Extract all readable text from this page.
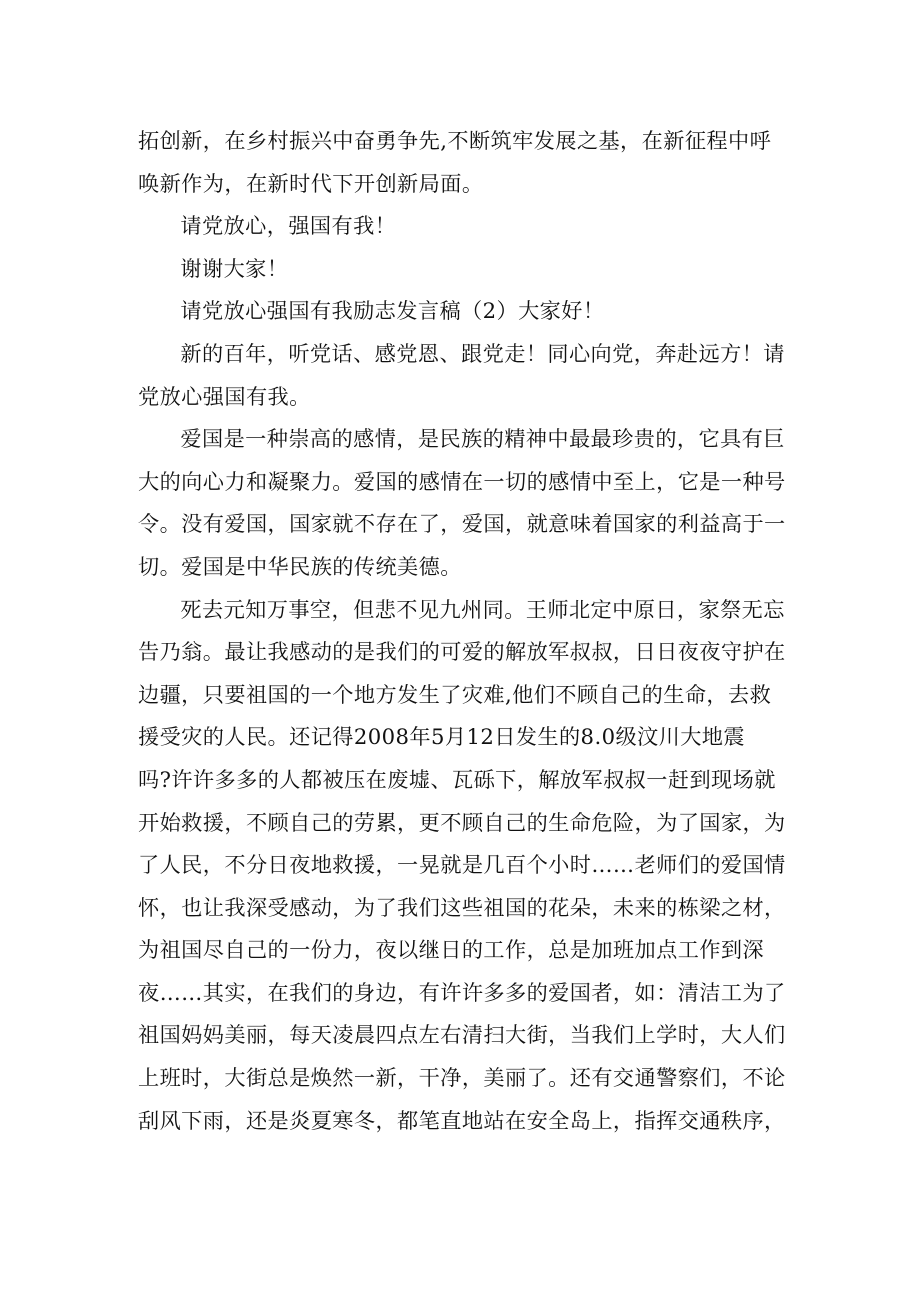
拓创新，在乡村振兴中奋勇争先,不断筑牢发展之基，在新征程中呼
唤新作为，在新时代下开创新局面。

请党放心，强国有我！

谢谢大家！

请党放心强国有我励志发言稿（2）大家好！

新的百年，听党话、感党恩、跟党走！同心向党，奔赴远方！请
党放心强国有我。

爱国是一种崇高的感情，是民族的精神中最最珍贵的，它具有巨
大的向心力和凝聚力。爱国的感情在一切的感情中至上，它是一种号
令。没有爱国，国家就不存在了，爱国，就意味着国家的利益高于一
切。爱国是中华民族的传统美德。

死去元知万事空，但悲不见九州同。王师北定中原日，家祭无忘
告乃翁。最让我感动的是我们的可爱的解放军叔叔，日日夜夜守护在
边疆，只要祖国的一个地方发生了灾难,他们不顾自己的生命，去救
援受灾的人民。还记得2008年5月12日发生的8.0级汶川大地震
吗?许许多多的人都被压在废墟、瓦砾下，解放军叔叔一赶到现场就
开始救援，不顾自己的劳累，更不顾自己的生命危险，为了国家，为
了人民，不分日夜地救援，一晃就是几百个小时……老师们的爱国情
怀，也让我深受感动，为了我们这些祖国的花朵，未来的栋梁之材，
为祖国尽自己的一份力，夜以继日的工作，总是加班加点工作到深
夜……其实，在我们的身边，有许许多多的爱国者，如：清洁工为了
祖国妈妈美丽，每天凌晨四点左右清扫大街，当我们上学时，大人们
上班时，大街总是焕然一新，干净，美丽了。还有交通警察们，不论
刮风下雨，还是炎夏寒冬，都笔直地站在安全岛上，指挥交通秩序，
